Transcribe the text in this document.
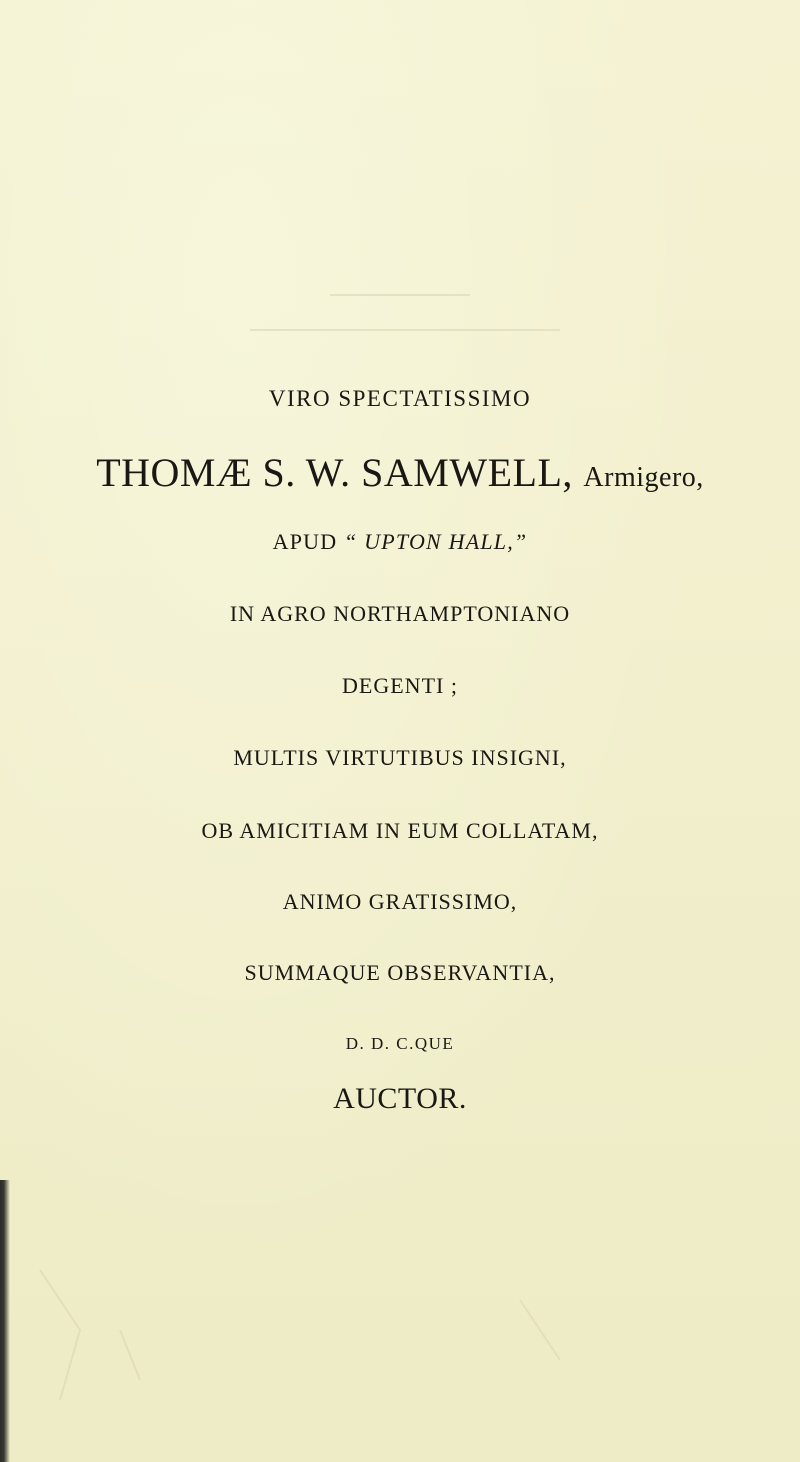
VIRO SPECTATISSIMO
THOMÆ S. W. SAMWELL, Armigero,
APUD “ UPTON HALL,”
IN AGRO NORTHAMPTONIANO
DEGENTI ;
MULTIS VIRTUTIBUS INSIGNI,
OB AMICITIAM IN EUM COLLATAM,
ANIMO GRATISSIMO,
SUMMAQUE OBSERVANTIA,
D. D. C.QUE
AUCTOR.
